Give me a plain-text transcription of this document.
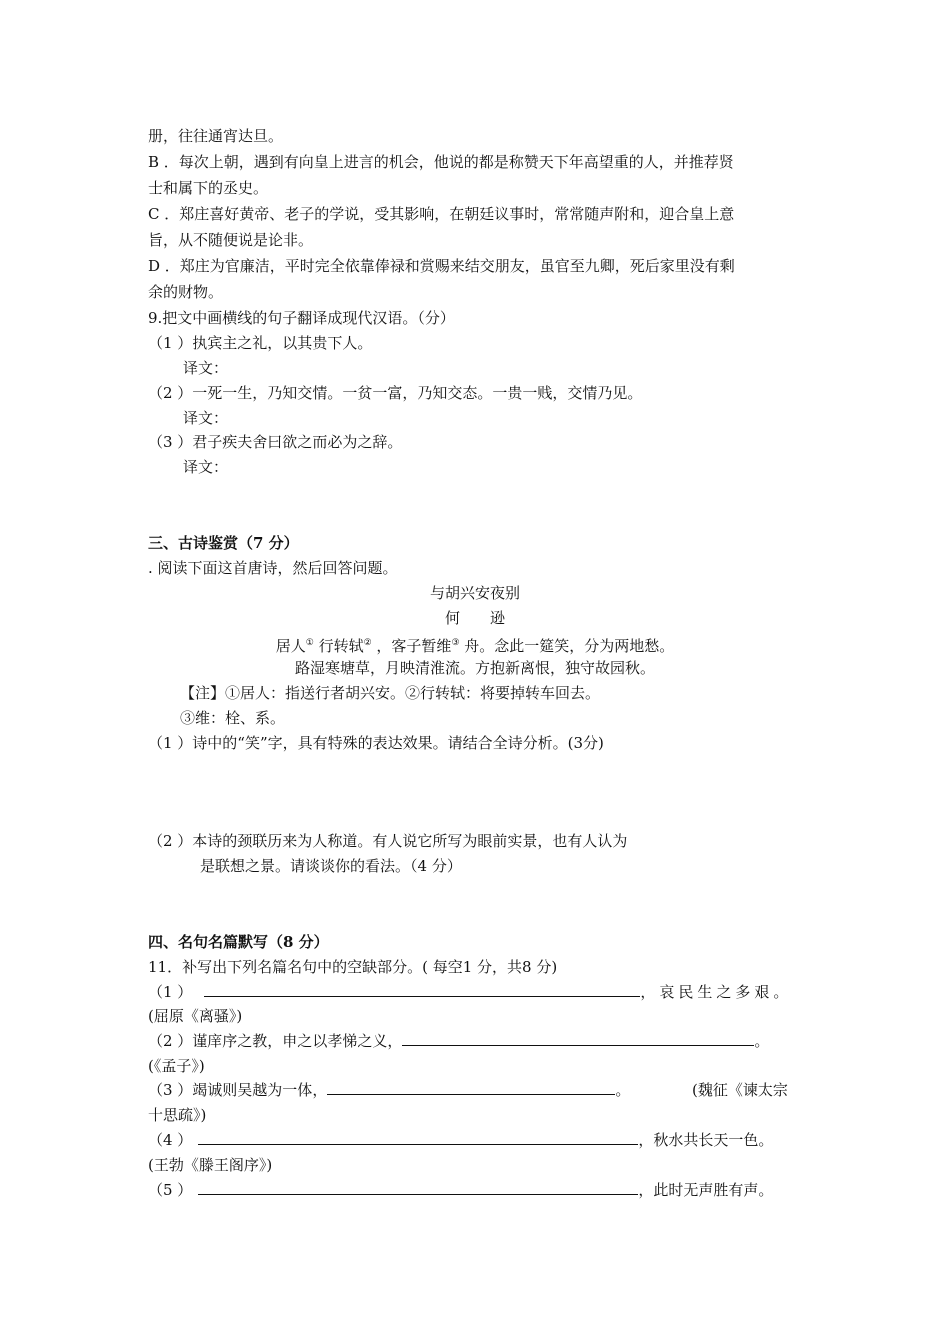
册，往往通宵达旦。
B ．每次上朝，遇到有向皇上进言的机会，他说的都是称赞天下年高望重的人，并推荐贤
士和属下的丞史。
C ．郑庄喜好黄帝、老子的学说，受其影响，在朝廷议事时，常常随声附和，迎合皇上意
旨，从不随便说是论非。
D ．郑庄为官廉洁，平时完全依靠俸禄和赏赐来结交朋友，虽官至九卿，死后家里没有剩
余的财物。
9.把文中画横线的句子翻译成现代汉语。（分）
（1 ）执宾主之礼，以其贵下人。
译文：
（2 ）一死一生，乃知交情。一贫一富，乃知交态。一贵一贱，交情乃见。
译文：
（3 ）君子疾夫舍曰欲之而必为之辞。
译文：
三、古诗鉴赏（7 分）
. 阅读下面这首唐诗，然后回答问题。
与胡兴安夜别
何　　逊
居人① 行转轼② ，客子暂维③ 舟。念此一筵笑，分为两地愁。
路湿寒塘草，月映清淮流。方抱新离恨，独守故园秋。
【注】①居人：指送行者胡兴安。②行转轼：将要掉转车回去。
③维：栓、系。
（1 ）诗中的“笑”字，具有特殊的表达效果。请结合全诗分析。(3分)
（2 ）本诗的颈联历来为人称道。有人说它所写为眼前实景，也有人认为
是联想之景。请谈谈你的看法。（4 分）
四、名句名篇默写（8 分）
11．补写出下列名篇名句中的空缺部分。( 每空1 分，共8 分)
（1 ）	，哀民生之多艰。
(屈原《离骚》)
（2 ）谨庠序之教，申之以孝悌之义，	。
(《孟子》)
（3 ）竭诚则吴越为一体，	。	(魏征《谏太宗
十思疏》)
（4 ）	，秋水共长天一色。
(王勃《滕王阁序》)
（5 ）	，此时无声胜有声。
